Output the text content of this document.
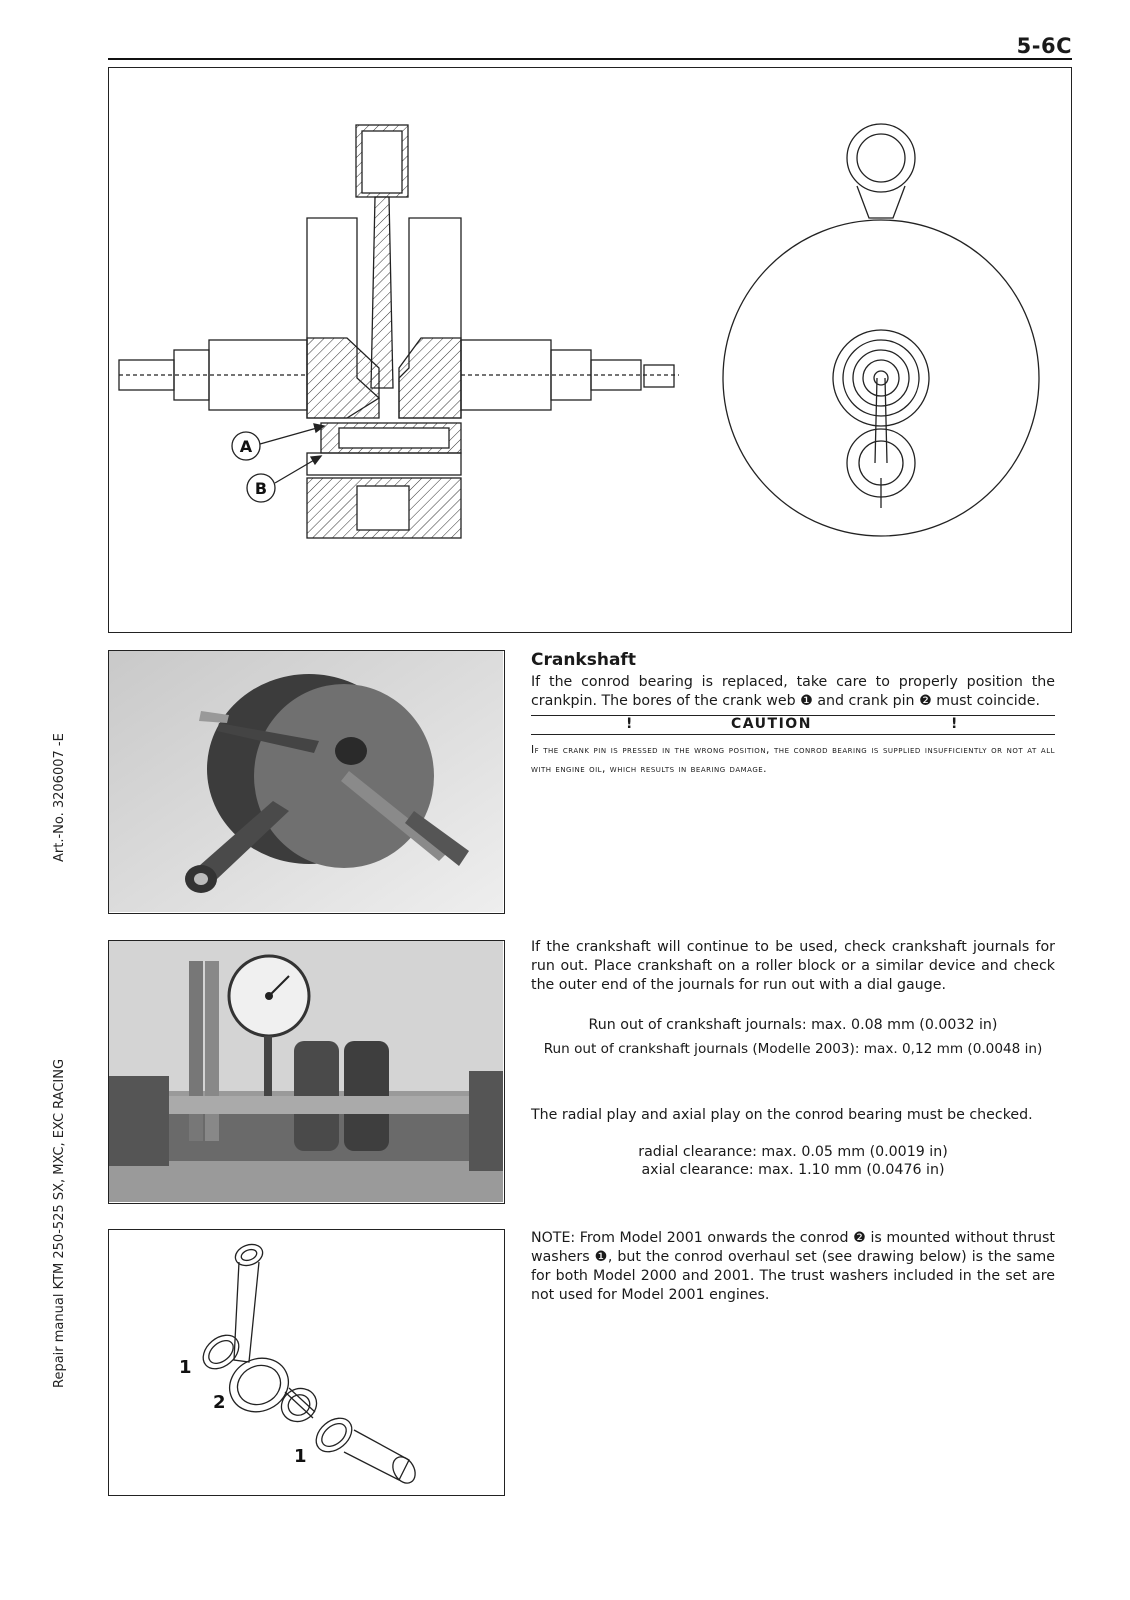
5-6C
Art.-No. 3206007 -E
Repair manual KTM 250-525 SX, MXC, EXC RACING
A
B
Crankshaft
If the conrod bearing is replaced, take care to properly position the crankpin. The bores of the crank web ❶ and crank pin ❷ must coincide.
!	CAUTION	!
If the crank pin is pressed in the wrong position, the conrod bearing is supplied insufficiently or not at all with engine oil, which results in bearing damage.
If the crankshaft will continue to be used, check crankshaft journals for run out. Place crankshaft on a roller block or a similar device and check the outer end of the journals for run out with a dial gauge.
Run out of crankshaft journals: max. 0.08 mm (0.0032 in)
Run out of crankshaft journals (Modelle 2003): max. 0,12 mm (0.0048 in)
The radial play and axial play on the conrod bearing must be checked.
radial clearance: max. 0.05 mm (0.0019 in)
axial clearance: max. 1.10 mm (0.0476 in)
1
2
1
NOTE: From Model 2001 onwards the conrod ❷ is mounted without thrust washers ❶, but the conrod overhaul set (see drawing below) is the same for both Model 2000 and 2001. The trust washers included in the set are not used for Model 2001 engines.
